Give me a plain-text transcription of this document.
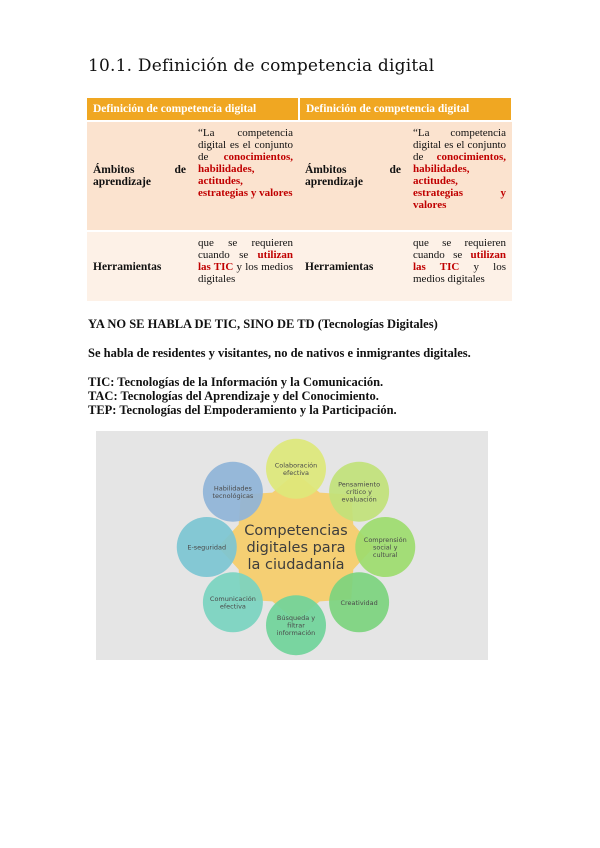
10.1. Definición de competencia digital
Definición de competencia digital		Definición de competencia digital	
Ámbitos de aprendizaje	“La competencia digital es el conjunto de conocimientos, habilidades, actitudes, estrategias y valores	Ámbitos de aprendizaje	“La competencia digital es el conjunto de conocimientos, habilidades, actitudes, estrategias y valores
Herramientas	que se requieren cuando se utilizan las TIC y los medios digitales	Herramientas	que se requieren cuando se utilizan las TIC y los medios digitales
YA NO SE HABLA DE TIC, SINO DE TD (Tecnologías Digitales)
Se habla de residentes y visitantes, no de nativos e inmigrantes digitales.
TIC: Tecnologías de la Información y la Comunicación.
TAC: Tecnologías del Aprendizaje y del Conocimiento.
TEP: Tecnologías del Empoderamiento y la Participación.
Colaboración
efectiva
Pensamiento
crítico y
evaluación
Comprensión
social y
cultural
Creatividad
Búsqueda y
filtrar
información
Comunicación
efectiva
E-seguridad
Habilidades
tecnológicas
Competencias
digitales para
la ciudadanía
